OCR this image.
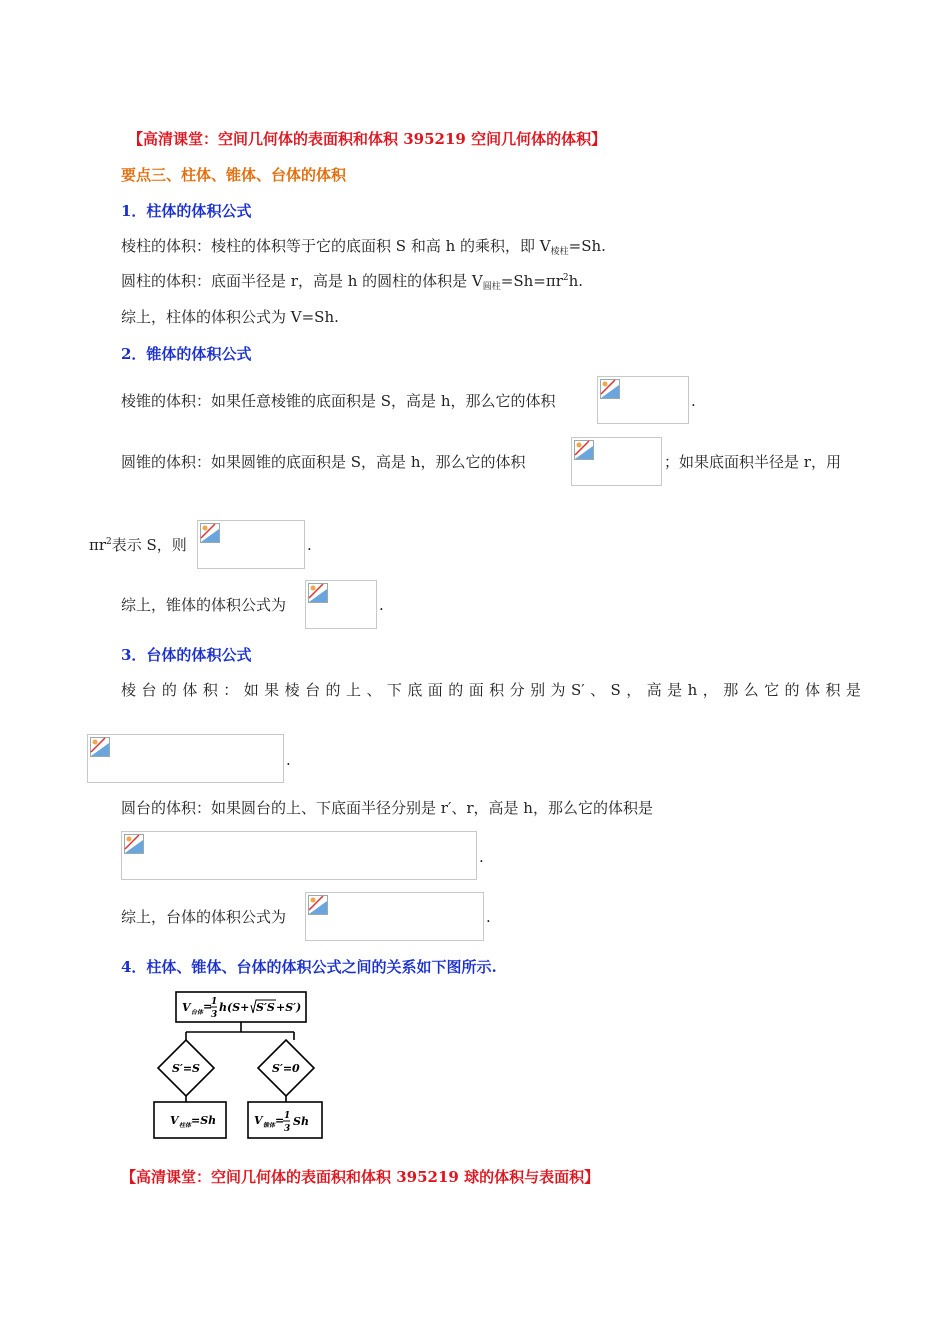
【高清课堂：空间几何体的表面积和体积 395219 空间几何体的体积】
要点三、柱体、锥体、台体的体积
1．柱体的体积公式
棱柱的体积：棱柱的体积等于它的底面积 S 和高 h 的乘积，即 $V_{棱柱}=Sh$.
圆柱的体积：底面半径是 r，高是 h 的圆柱的体积是 $V_{圆柱}=Sh=\pi r^2h$.
综上，柱体的体积公式为 V=Sh.
2．锥体的体积公式
棱锥的体积：如果任意棱锥的底面积是 S，高是 h，那么它的体积	.
圆锥的体积：如果圆锥的底面积是 S，高是 h，那么它的体积	；如果底面积半径是 r，用
$\pi r^2$表示 S，则	.
综上，锥体的体积公式为	.
3．台体的体积公式
棱 台 的 体 积 ： 如 果 棱 台 的 上 、 下 底 面 的 面 积 分 别 为 S′ 、 S ， 高 是 h ， 那 么 它 的 体 积 是
.
圆台的体积：如果圆台的上、下底面半径分别是 r′、r，高是 h，那么它的体积是
.
综上，台体的体积公式为	.
4．柱体、锥体、台体的体积公式之间的关系如下图所示.
V 台体 =
1
3
h(S+ S′S +S′)
S′=S	S′=0
V 柱体 =Sh	V 锥体 = 1
3
Sh
【高清课堂：空间几何体的表面积和体积 395219 球的体积与表面积】
